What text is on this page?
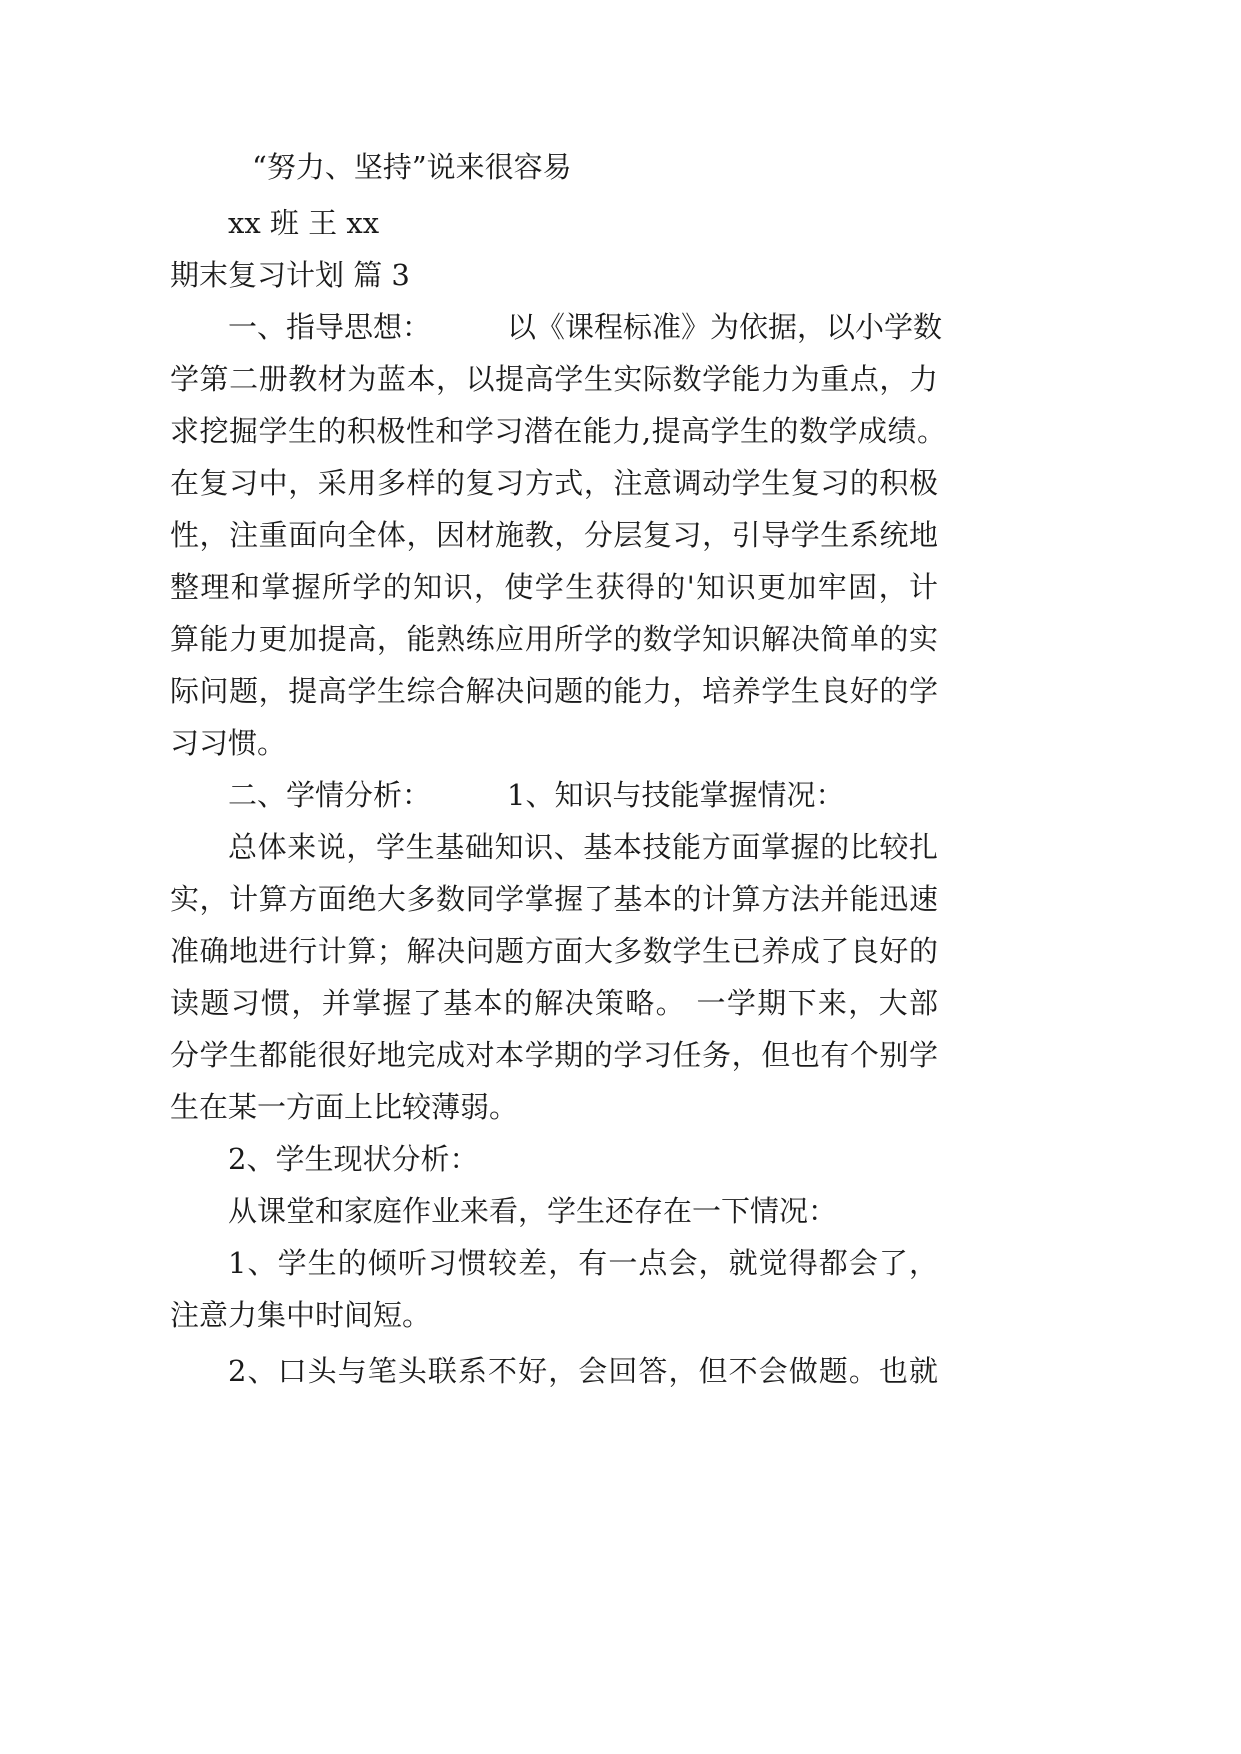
“努力、坚持”说来很容易
xx 班 王 xx
期末复习计划 篇 3
一、指导思想：	以《课程标准》为依据，以小学数
学第二册教材为蓝本，以提高学生实际数学能力为重点，力
求挖掘学生的积极性和学习潜在能力,提高学生的数学成绩。
在复习中，采用多样的复习方式，注意调动学生复习的积极
性，注重面向全体，因材施教，分层复习，引导学生系统地
整理和掌握所学的知识，使学生获得的'知识更加牢固，计
算能力更加提高，能熟练应用所学的数学知识解决简单的实
际问题，提高学生综合解决问题的能力，培养学生良好的学
习习惯。
二、学情分析：	1、知识与技能掌握情况：
总体来说，学生基础知识、基本技能方面掌握的比较扎
实，计算方面绝大多数同学掌握了基本的计算方法并能迅速
准确地进行计算；解决问题方面大多数学生已养成了良好的
读题习惯，并掌握了基本的解决策略。 一学期下来，大部
分学生都能很好地完成对本学期的学习任务，但也有个别学
生在某一方面上比较薄弱。
2、学生现状分析：
从课堂和家庭作业来看，学生还存在一下情况：
1、学生的倾听习惯较差，有一点会，就觉得都会了，
注意力集中时间短。
2、口头与笔头联系不好，会回答，但不会做题。也就
